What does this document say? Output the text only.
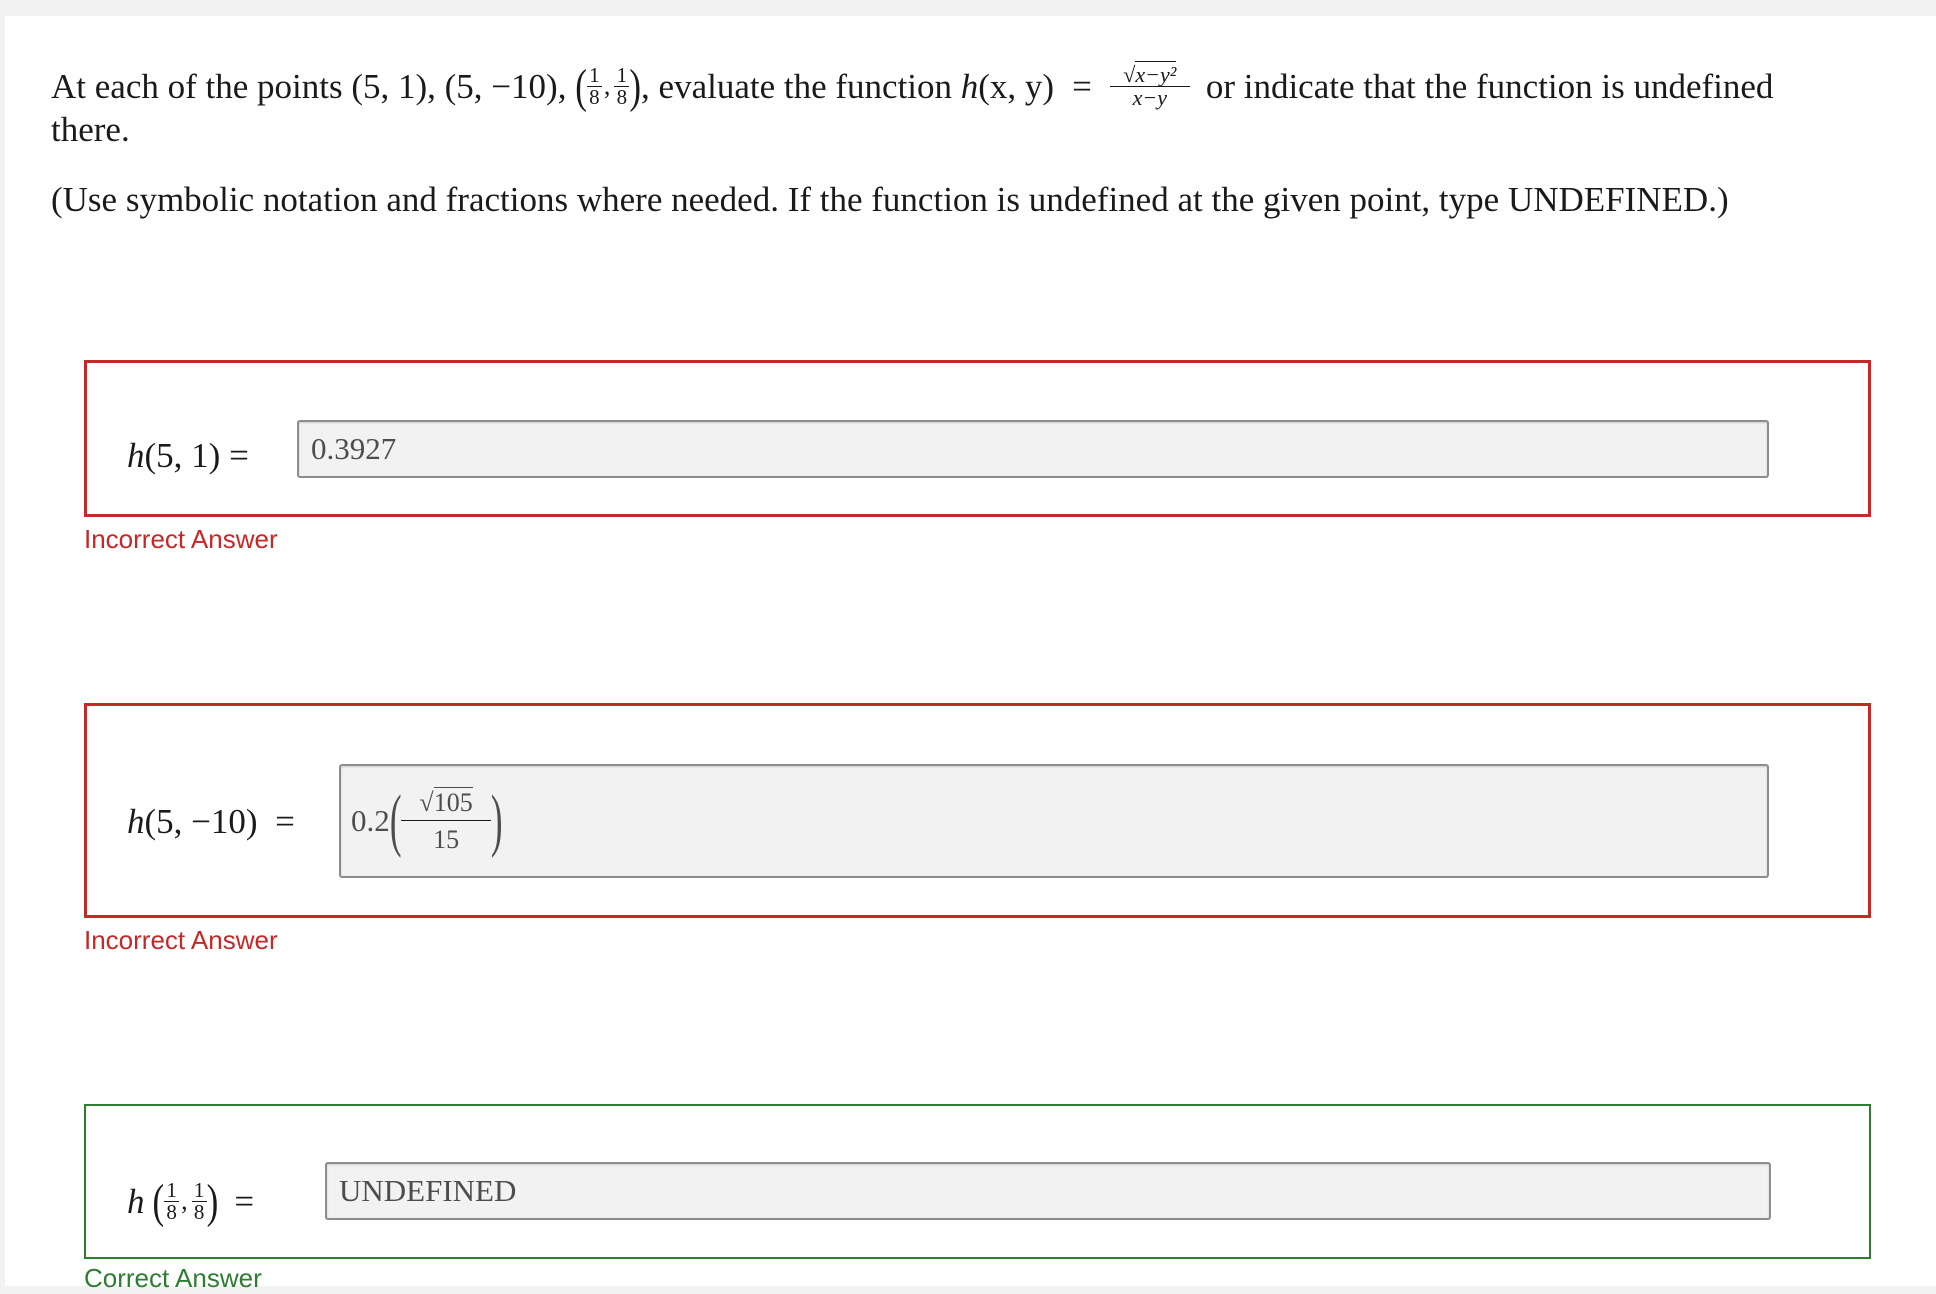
At each of the points
(5, 1),
(5, −10),
( $\frac{1}{8}$ , $\frac{1}{8}$ ) , evaluate the function
h (x, $y) = \frac{\text{√x−y²}}{x-y}$ or indicate that the function is undefined
there.
(Use symbolic notation and fractions where needed. If the function is undefined at the given point, type UNDEFINED.)
h(5, 1) = 0.3927
Incorrect Answer
h(5, −10) = 0.2 ( $\frac{√105}{15}$ )
Incorrect Answer
h ( $\frac{1}{8}$ , $\frac{1}{8}$ ) =	UNDEFINED
Correct Answer
